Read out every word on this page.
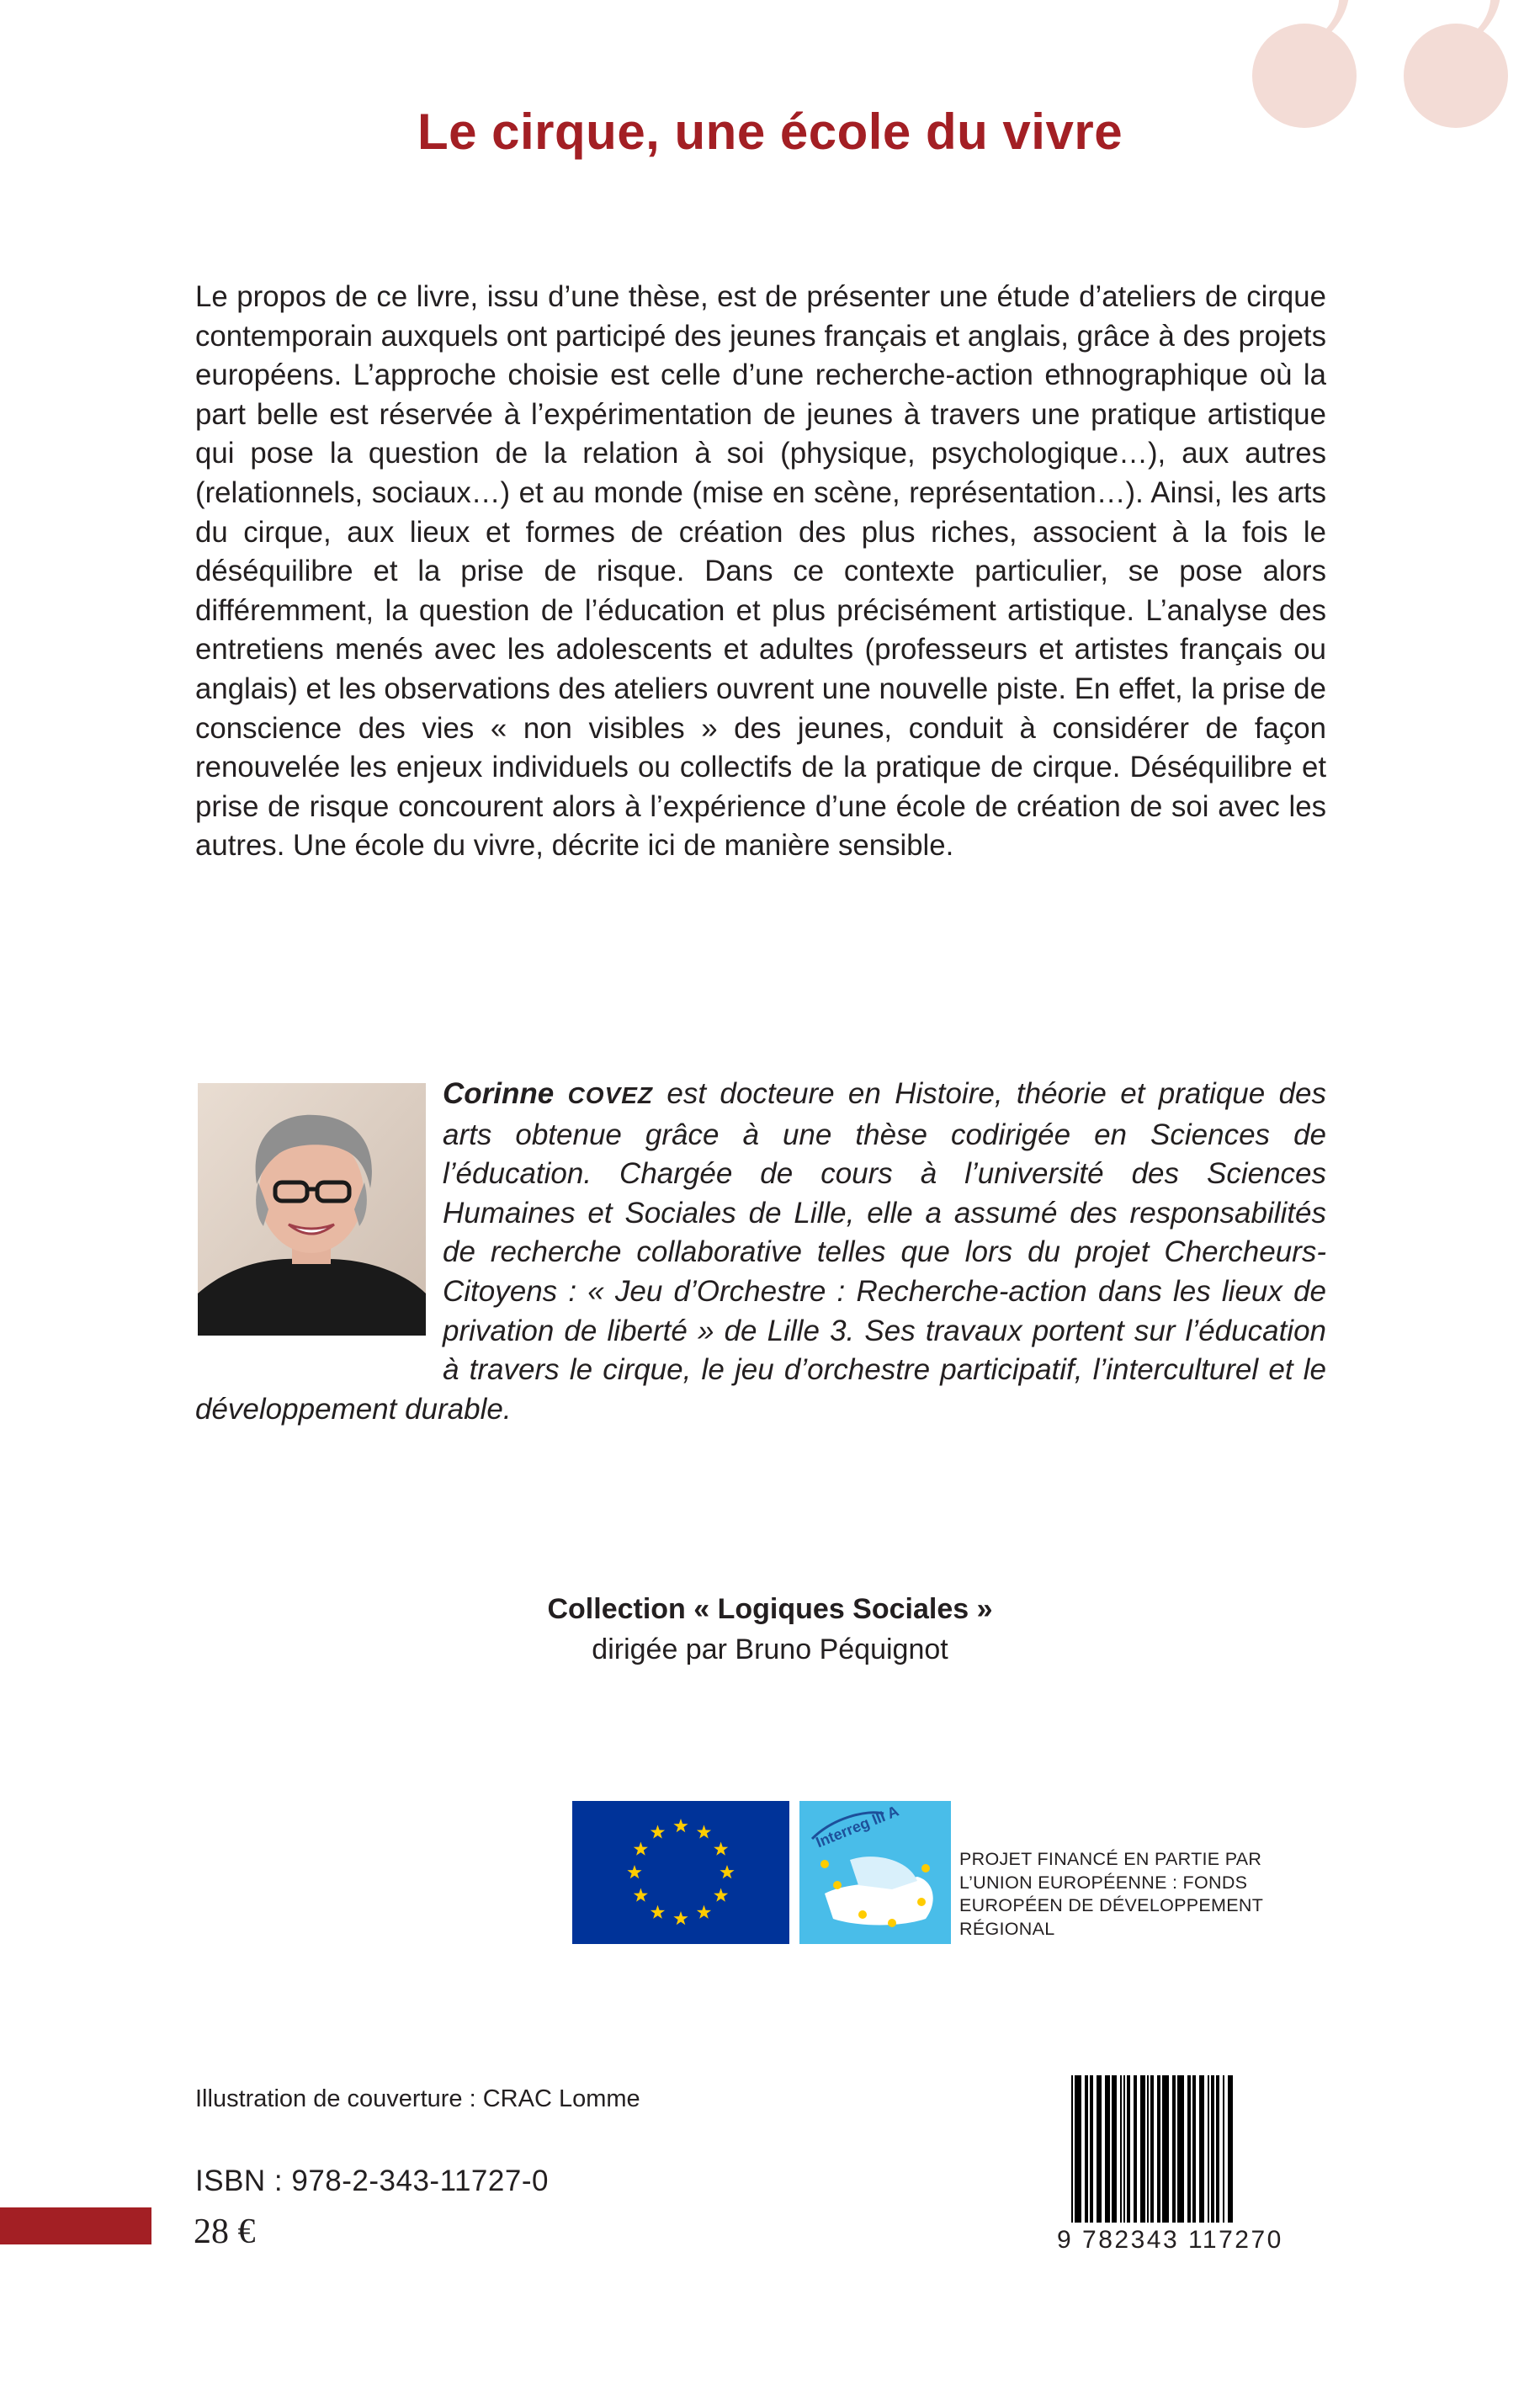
Le cirque, une école du vivre

Le propos de ce livre, issu d’une thèse, est de présenter une étude d’ateliers de cirque contemporain auxquels ont participé des jeunes français et anglais, grâce à des projets européens. L’approche choisie est celle d’une recherche-action ethnographique où la part belle est réservée à l’expérimentation de jeunes à travers une pratique artistique qui pose la question de la relation à soi (physique, psychologique…), aux autres (relationnels, sociaux…) et au monde (mise en scène, représentation…). Ainsi, les arts du cirque, aux lieux et formes de création des plus riches, associent à la fois le déséquilibre et la prise de risque. Dans ce contexte particulier, se pose alors différemment, la question de l’éducation et plus précisément artistique. L’analyse des entretiens menés avec les adolescents et adultes (professeurs et artistes français ou anglais) et les observations des ateliers ouvrent une nouvelle piste. En effet, la prise de conscience des vies « non visibles » des jeunes, conduit à considérer de façon renouvelée les enjeux individuels ou collectifs de la pratique de cirque. Déséquilibre et prise de risque concourent alors à l’expérience d’une école de création de soi avec les autres. Une école du vivre, décrite ici de manière sensible.

Corinne COVEZ est docteure en Histoire, théorie et pratique des arts obtenue grâce à une thèse codirigée en Sciences de l’éducation. Chargée de cours à l’université des Sciences Humaines et Sociales de Lille, elle a assumé des responsabilités de recherche collaborative telles que lors du projet Chercheurs-Citoyens : « Jeu d’Orchestre : Recherche-action dans les lieux de privation de liberté » de Lille 3. Ses travaux portent sur l’éducation à travers le cirque, le jeu d’orchestre participatif, l’interculturel et le développement durable.

Collection « Logiques Sociales »
dirigée par Bruno Péquignot
Interreg III A
PROJET FINANCÉ EN PARTIE PAR
L’UNION EUROPÉENNE : FONDS
EUROPÉEN DE DÉVELOPPEMENT
RÉGIONAL
Illustration de couverture : CRAC Lomme
ISBN : 978-2-343-11727-0
28 €	9 782343 117270
